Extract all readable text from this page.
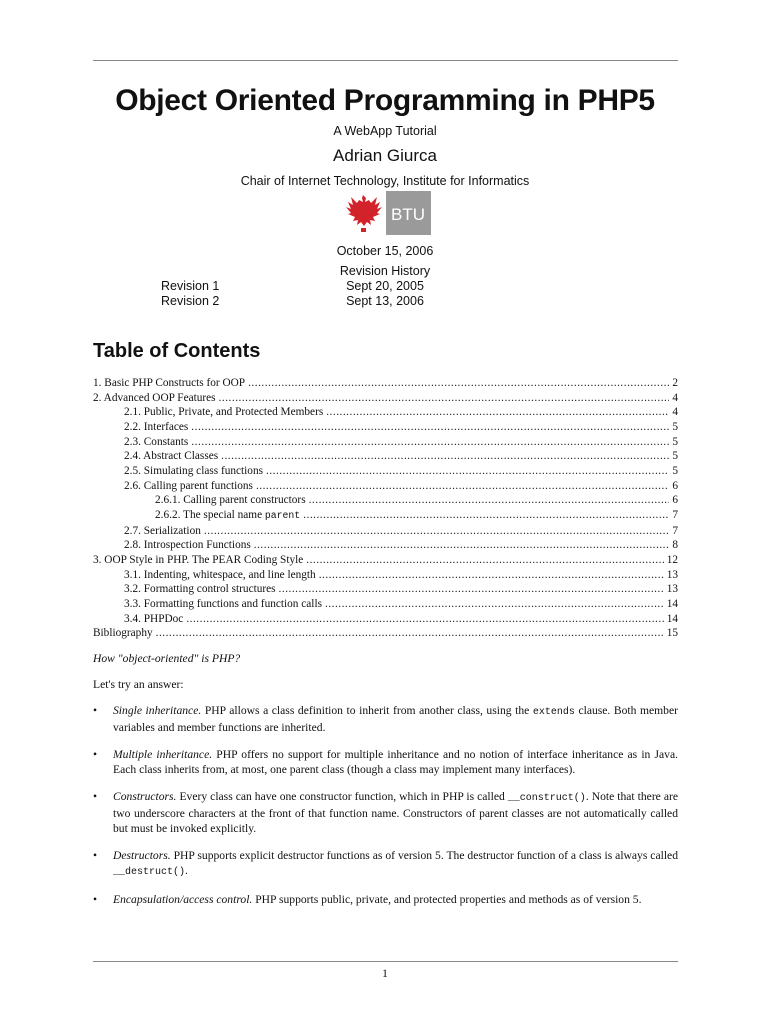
Object Oriented Programming in PHP5
A WebApp Tutorial
Adrian Giurca
Chair of Internet Technology, Institute for Informatics
BTU
October 15, 2006
Revision History
Revision 1	Sept 20, 2005
Revision 2	Sept 13, 2006
Table of Contents
1. Basic PHP Constructs for OOP .....	2
2. Advanced OOP Features .....	4
2.1. Public, Private, and Protected Members .....	4
2.2. Interfaces .....	5
2.3. Constants .....	5
2.4. Abstract Classes .....	5
2.5. Simulating class functions .....	5
2.6. Calling parent functions .....	6
2.6.1. Calling parent constructors .....	6
2.6.2. The special name parent .....	7
2.7. Serialization .....	7
2.8. Introspection Functions .....	8
3. OOP Style in PHP. The PEAR Coding Style .....	12
3.1. Indenting, whitespace, and line length .....	13
3.2. Formatting control structures .....	13
3.3. Formatting functions and function calls .....	14
3.4. PHPDoc .....	14
Bibliography .....	15
How "object-oriented" is PHP?
Let's try an answer:
• Single inheritance. PHP allows a class definition to inherit from another class, using the extends clause. Both member variables and member functions are inherited.
• Multiple inheritance. PHP offers no support for multiple inheritance and no notion of interface inheritance as in Java. Each class inherits from, at most, one parent class (though a class may implement many interfaces).
• Constructors. Every class can have one constructor function, which in PHP is called __construct(). Note that there are two underscore characters at the front of that function name. Constructors of parent classes are not automatically called but must be invoked explicitly.
• Destructors. PHP supports explicit destructor functions as of version 5. The destructor function of a class is always called __destruct().
• Encapsulation/access control. PHP supports public, private, and protected properties and methods as of version 5.
1
